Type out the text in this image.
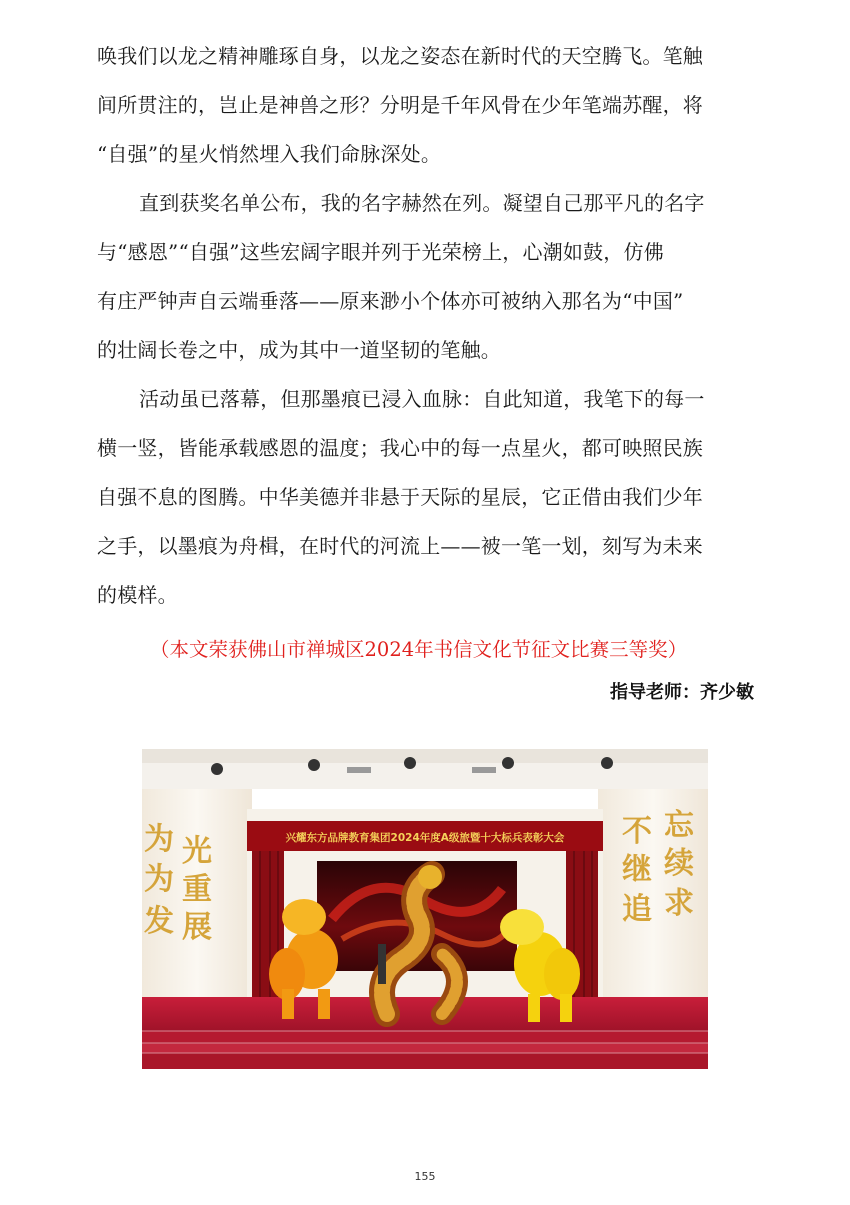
唤我们以龙之精神雕琢自身，以龙之姿态在新时代的天空腾飞。笔触
间所贯注的，岂止是神兽之形？分明是千年风骨在少年笔端苏醒，将
“自强”的星火悄然埋入我们命脉深处。
直到获奖名单公布，我的名字赫然在列。凝望自己那平凡的名字
与“感恩”“自强”这些宏阔字眼并列于光荣榜上，心潮如鼓，仿佛
有庄严钟声自云端垂落——原来渺小个体亦可被纳入那名为“中国”
的壮阔长卷之中，成为其中一道坚韧的笔触。
活动虽已落幕，但那墨痕已浸入血脉：自此知道，我笔下的每一
横一竖，皆能承载感恩的温度；我心中的每一点星火，都可映照民族
自强不息的图腾。中华美德并非悬于天际的星辰，它正借由我们少年
之手，以墨痕为舟楫，在时代的河流上——被一笔一划，刻写为未来
的模样。
（本文荣获佛山市禅城区2024年书信文化节征文比赛三等奖）
指导老师：齐少敏
兴耀东方品牌教育集团2024年度A级旅暨十大标兵表彰大会
为 光
为 重
发 展
不 忘
继 续
追 求
155
